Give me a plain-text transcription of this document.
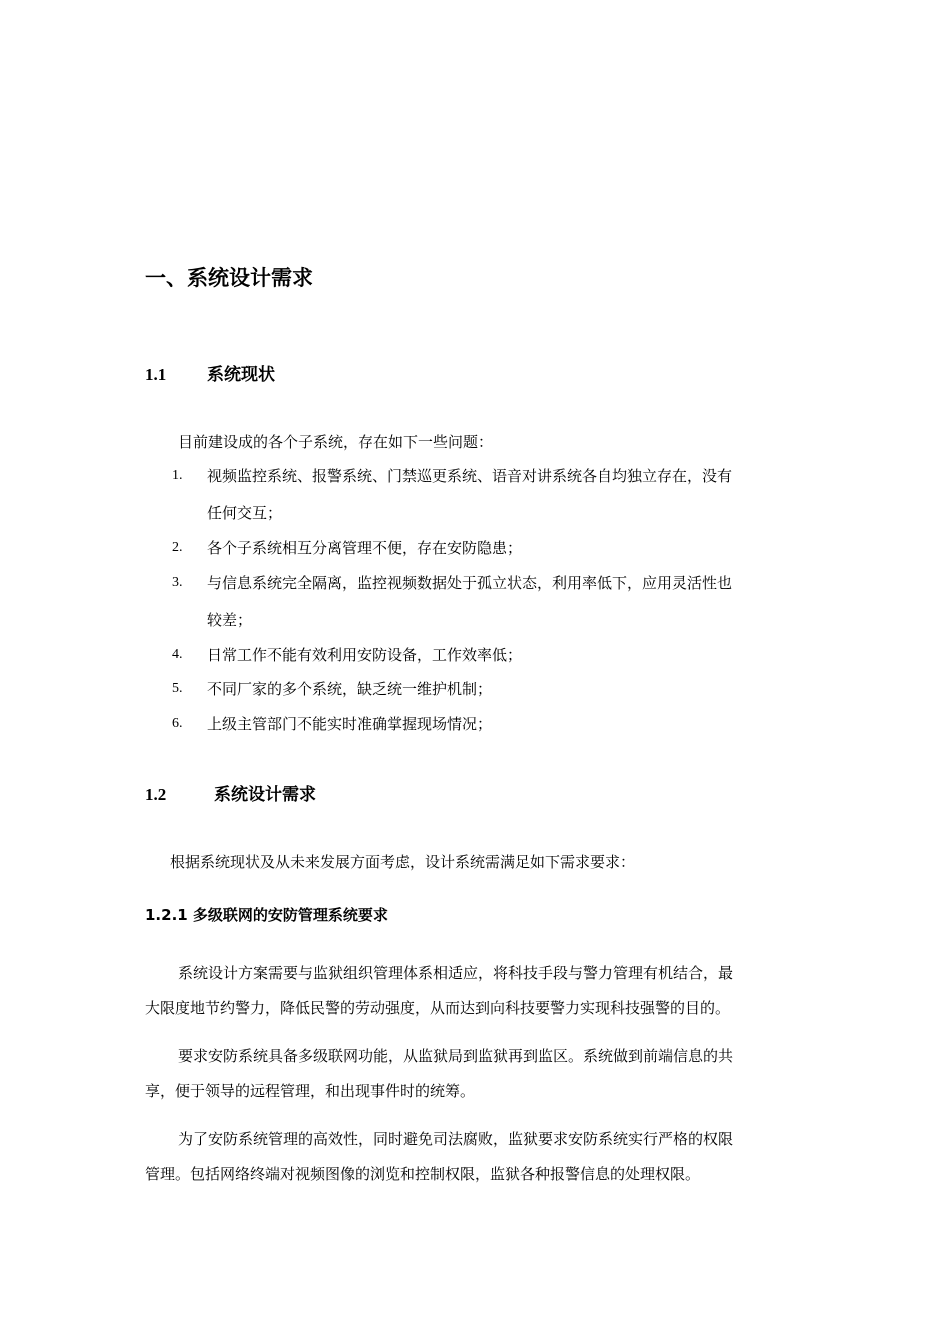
一、系统设计需求
1.1 系统现状
目前建设成的各个子系统，存在如下一些问题：
1. 视频监控系统、报警系统、门禁巡更系统、语音对讲系统各自均独立存在，没有
任何交互；
2. 各个子系统相互分离管理不便，存在安防隐患；
3. 与信息系统完全隔离，监控视频数据处于孤立状态，利用率低下，应用灵活性也
较差；
4. 日常工作不能有效利用安防设备，工作效率低；
5. 不同厂家的多个系统，缺乏统一维护机制；
6. 上级主管部门不能实时准确掌握现场情况；
1.2	系统设计需求
根据系统现状及从未来发展方面考虑，设计系统需满足如下需求要求：
1.2.1 多级联网的安防管理系统要求
系统设计方案需要与监狱组织管理体系相适应，将科技手段与警力管理有机结合，最
大限度地节约警力，降低民警的劳动强度，从而达到向科技要警力实现科技强警的目的。
要求安防系统具备多级联网功能，从监狱局到监狱再到监区。系统做到前端信息的共
享，便于领导的远程管理，和出现事件时的统筹。
为了安防系统管理的高效性，同时避免司法腐败，监狱要求安防系统实行严格的权限
管理。包括网络终端对视频图像的浏览和控制权限，监狱各种报警信息的处理权限。
